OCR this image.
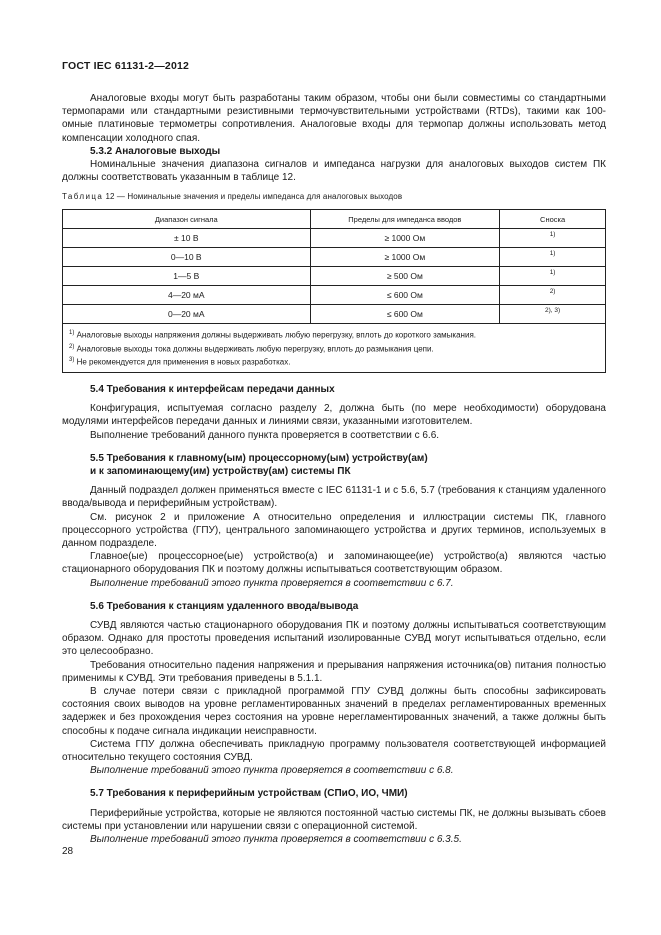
ГОСТ IEC 61131-2—2012

Аналоговые входы могут быть разработаны таким образом, чтобы они были совместимы со стандартными термопарами или стандартными резистивными термочувствительными устройствами (RTDs), такими как 100-омные платиновые термометры сопротивления. Аналоговые входы для термопар должны использовать метод компенсации холодного спая.

5.3.2 Аналоговые выходы

Номинальные значения диапазона сигналов и импеданса нагрузки для аналоговых выходов систем ПК должны соответствовать указанным в таблице 12.

Таблица 12 — Номинальные значения и пределы импеданса для аналоговых выходов
Диапазон сигнала	Пределы для импеданса вводов	Сноска
± 10 В	≥ 1000 Ом	1)
0—10 В	≥ 1000 Ом	1)
1—5 В	≥ 500 Ом	1)
4—20 мА	≤ 600 Ом	2)
0—20 мА	≤ 600 Ом	2), 3)

$^{1)}$ Аналоговые выходы напряжения должны выдерживать любую перегрузку, вплоть до короткого замыкания.
$^{2)}$ Аналоговые выходы тока должны выдерживать любую перегрузку, вплоть до размыкания цепи.
$^{3)}$ Не рекомендуется для применения в новых разработках.		
5.4 Требования к интерфейсам передачи данных

Конфигурация, испытуемая согласно разделу 2, должна быть (по мере необходимости) оборудована модулями интерфейсов передачи данных и линиями связи, указанными изготовителем.

Выполнение требований данного пункта проверяется в соответствии с 6.6.

5.5 Требования к главному(ым) процессорному(ым) устройству(ам)
и к запоминающему(им) устройству(ам) системы ПК

Данный подраздел должен применяться вместе с IEC 61131-1 и с 5.6, 5.7 (требования к станциям удаленного ввода/вывода и периферийным устройствам).

См. рисунок 2 и приложение А относительно определения и иллюстрации системы ПК, главного процессорного устройства (ГПУ), центрального запоминающего устройства и других терминов, используемых в данном подразделе.

Главное(ые) процессорное(ые) устройство(а) и запоминающее(ие) устройство(а) являются частью стационарного оборудования ПК и поэтому должны испытываться соответствующим образом.

Выполнение требований этого пункта проверяется в соответствии с 6.7.

5.6 Требования к станциям удаленного ввода/вывода

СУВД являются частью стационарного оборудования ПК и поэтому должны испытываться соответствующим образом. Однако для простоты проведения испытаний изолированные СУВД могут испытываться отдельно, если это целесообразно.

Требования относительно падения напряжения и прерывания напряжения источника(ов) питания полностью применимы к СУВД. Эти требования приведены в 5.1.1.

В случае потери связи с прикладной программой ГПУ СУВД должны быть способны зафиксировать состояния своих выводов на уровне регламентированных значений в пределах регламентированных временных задержек и без прохождения через состояния на уровне нерегламентированных значений, а также должны быть способны к подаче сигнала индикации неисправности.

Система ГПУ должна обеспечивать прикладную программу пользователя соответствующей информацией относительно текущего состояния СУВД.

Выполнение требований этого пункта проверяется в соответствии с 6.8.

5.7 Требования к периферийным устройствам (СПиО, ИО, ЧМИ)

Периферийные устройства, которые не являются постоянной частью системы ПК, не должны вызывать сбоев системы при установлении или нарушении связи с операционной системой.

Выполнение требований этого пункта проверяется в соответствии с 6.3.5.

28
